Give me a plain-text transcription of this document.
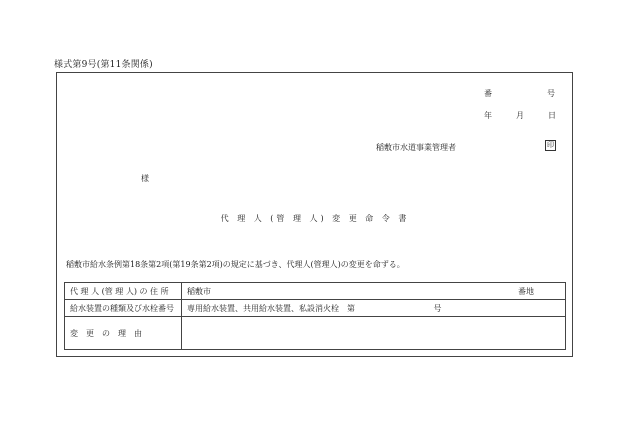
様式第9号(第11条関係)
番	号
年	月	日
稲敷市水道事業管理者	印
様
代 理 人 (管 理 人) 変 更 命 令 書
稲敷市給水条例第18条第2項(第19条第2項)の規定に基づき、代理人(管理人)の変更を命ずる。
代 理 人 (管 理 人) の 住 所	稲敷市 番地

給水装置の種類及び水栓番号	専用給水装置、共用給水装置、私設消火栓　第 号
変　更　の　理　由	
